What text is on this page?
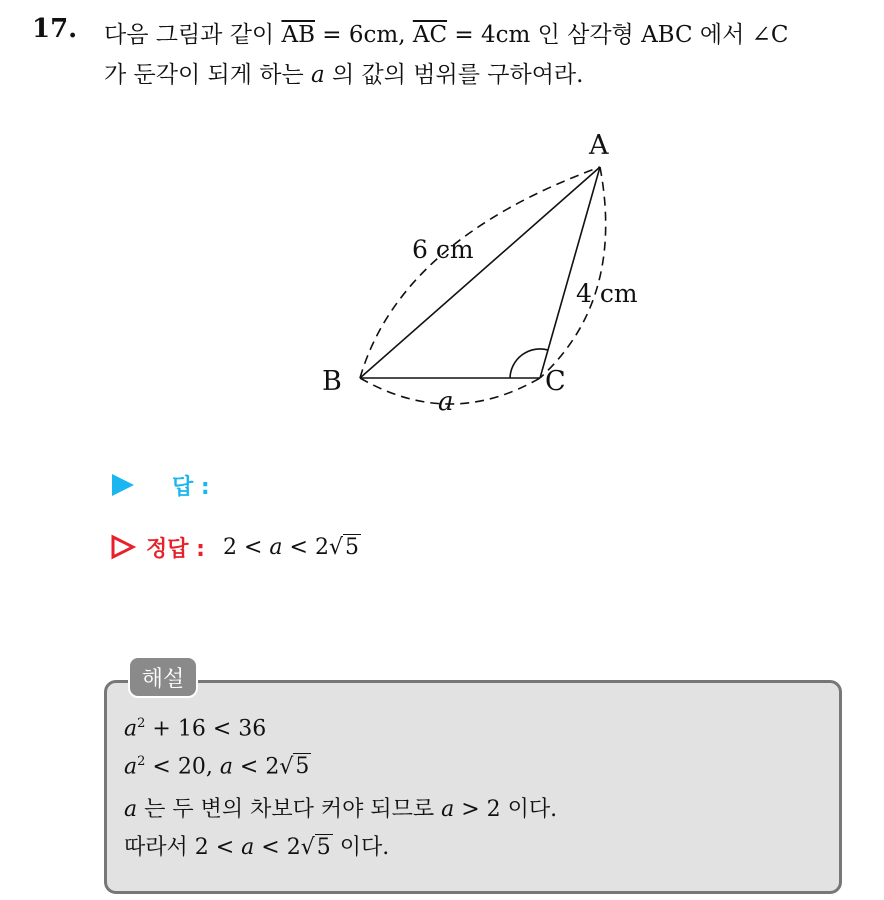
17. 다음 그림과 같이 $\overline{AB} = 6cm$, $\overline{AC} = 4cm$ 인 삼각형 ABC 에서 ∠C
가 둔각이 되게 하는 a 의 값의 범위를 구하여라.
A
B	C
6 cm
4 cm
a
답 :
정답 : 2 < a < 2√5
해설
$a^2 + 16 < 36$
$a^2 < 20$, a < 2√5
a 는 두 변의 차보다 커야 되므로 a > 2 이다.
따라서 2 < a < 2√5 이다.
